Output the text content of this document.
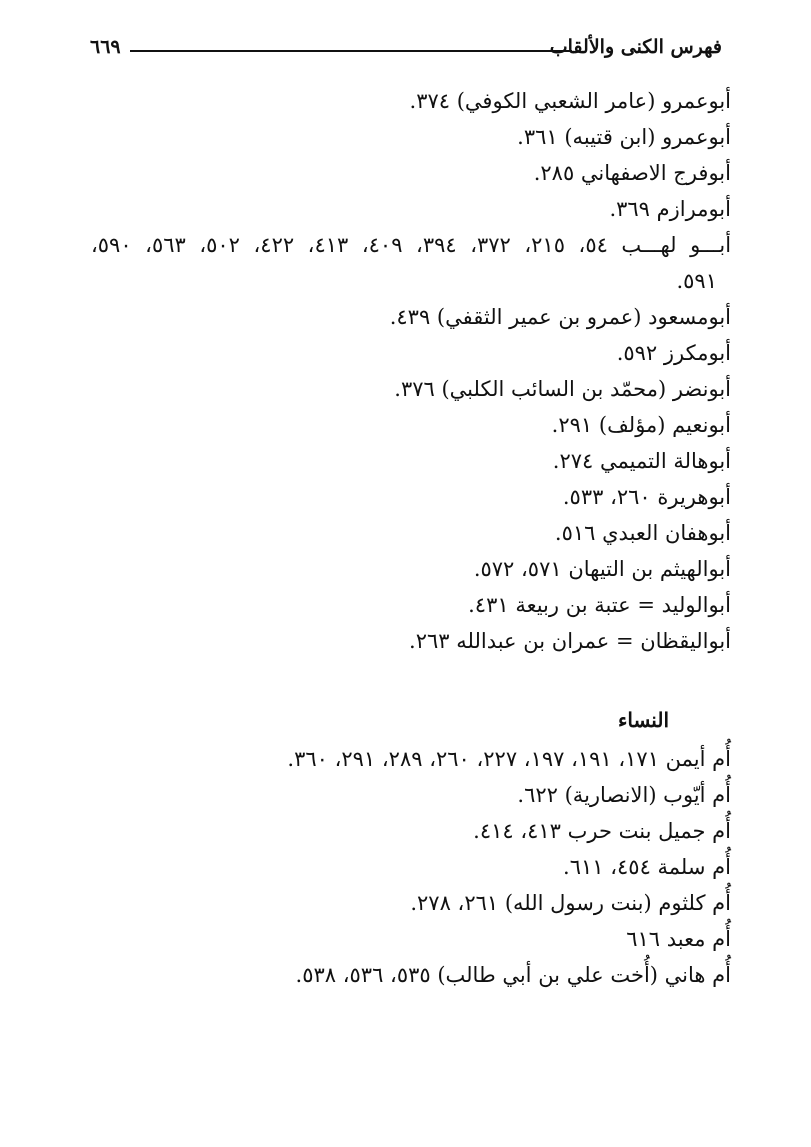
فهرس الكنى والألقاب
٦٦٩
أبوعمرو (عامر الشعبي الكوفي) ٣٧٤.
أبوعمرو (ابن قتيبه) ٣٦١.
أبوفرج الاصفهاني ٢٨٥.
أبومرازم ٣٦٩.
أبـــو لهـــب ٥٤، ٢١٥، ٣٧٢، ٣٩٤، ٤٠٩، ٤١٣، ٤٢٢، ٥٠٢، ٥٦٣، ٥٩٠،
٥٩١.
أبومسعود (عمرو بن عمير الثقفي) ٤٣٩.
أبومكرز ٥٩٢.
أبونضر (محمّد بن السائب الكلبي) ٣٧٦.
أبونعيم (مؤلف) ٢٩١.
أبوهالة التميمي ٢٧٤.
أبوهريرة ٢٦٠، ٥٣٣.
أبوهفان العبدي ٥١٦.
أبوالهيثم بن التيهان ٥٧١، ٥٧٢.
أبوالوليد = عتبة بن ربيعة ٤٣١.
أبواليقظان = عمران بن عبدالله ٢٦٣.
النساء
أُم أيمن ١٧١، ١٩١، ١٩٧، ٢٢٧، ٢٦٠، ٢٨٩، ٢٩١، ٣٦٠.
أُم أيّوب (الانصارية) ٦٢٢.
أُم جميل بنت حرب ٤١٣، ٤١٤.
أُم سلمة ٤٥٤، ٦١١.
أُم كلثوم (بنت رسول الله) ٢٦١، ٢٧٨.
أُم معبد ٦١٦
أُم هاني (أُخت علي بن أبي طالب) ٥٣٥، ٥٣٦، ٥٣٨.
